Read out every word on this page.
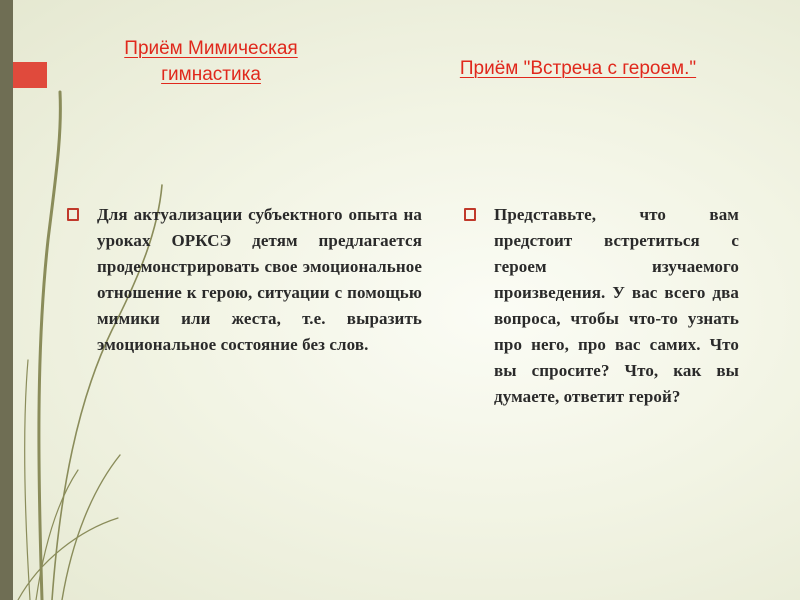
Приём Мимическая гимнастика	Приём "Встреча с героем."

Для актуализации субъектного опыта на уроках ОРКСЭ детям предлагается продемонстрировать свое эмоциональное отношение к герою, ситуации с помощью мимики или жеста, т.е. выразить эмоциональное состояние без слов.

Представьте, что вам предстоит встретиться с героем изучаемого произведения. У вас всего два вопроса, чтобы что-то узнать про него, про вас самих. Что вы спросите? Что, как вы думаете, ответит герой?
